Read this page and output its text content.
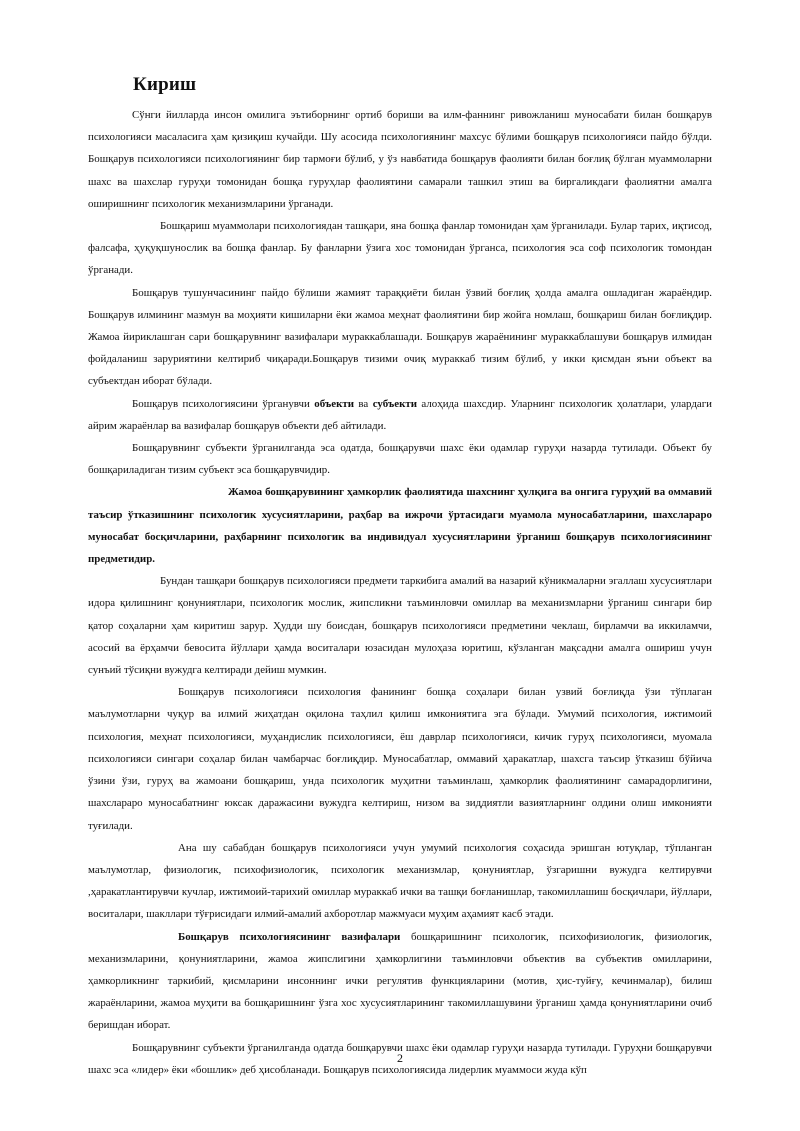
Кириш

Сўнги йилларда инсон омилига эътиборнинг ортиб бориши ва илм-фаннинг ривожланиш муносабати билан бошқарув психологияси масалаcига ҳам қизиқиш кучайди. Шу асосида психологиянинг махсус бўлими бошқарув психологияси пайдо бўлди. Бошқарув психологияси психологиянинг бир тармоғи бўлиб, у ўз навбатида бошқарув фаолияти билан боғлиқ бўлган муаммоларни шахс ва шахслар гуруҳи томонидан бошқа гуруҳлар фаолиятини самарали ташкил этиш ва биргаликдаги фаолиятни амалга оширишнинг психологик механизмларини ўрганади.

Бошқариш муаммолари психологиядан ташқари, яна бошқа фанлар томонидан ҳам ўрганилади. Булар тарих, иқтисод, фалсафа, ҳуқуқшунослик ва бошқа фанлар. Бу фанларни ўзига хос томонидан ўрганса, психология эса соф психологик томондан ўрганади.

Бошқарув тушунчасининг пайдо бўлиши жамият тараққиёти билан ўзвий боғлиқ ҳолда амалга ошладиган жараёндир. Бошқарув илмининг мазмун ва моҳияти кишиларни ёки жамоа меҳнат фаолиятини бир жойга номлаш, бошқариш билан боғлиқдир. Жамоа йириклашган сари бошқарувнинг вазифалари мураккаблашади. Бошқарув жараёнининг мураккаблашуви бошқарув илмидан фойдаланиш заруриятини келтириб чиқаради.Бошқарув тизими очиқ мураккаб тизим бўлиб, у икки қисмдан яъни объект ва субъектдан иборат бўлади.

Бошқарув психологиясини ўрганувчи объекти ва субъекти алоҳида шахсдир. Уларнинг психологик ҳолатлари, улардаги айрим жараёнлар ва вазифалар бошқарув объекти деб айтилади.

Бошқарувнинг субъекти ўрганилганда эса одатда, бошқарувчи шахс ёки одамлар гуруҳи назарда тутилади. Объект бу бошқариладиган тизим субъект эса бошқарувчидир.

Жамоа бошқарувининг ҳамкорлик фаолиятида шахснинг ҳулқига ва онгига гуруҳий ва оммавий таъсир ўтказишнинг психологик хусусиятларини, раҳбар ва ижрочи ўртасидаги муамола муносабатларини, шахслараро муносабат босқичларини, раҳбарнинг психологик ва индивидуал хусусиятларини ўрганиш бошқарув психологиясининг предметидир.

Бундан ташқари бошқарув психологияси предмети таркибига амалий ва назарий кўникмаларни эгаллаш хусусиятлари идора қилишнинг қонуниятлари, психологик мослик, жипсликни таъминловчи омиллар ва механизмларни ўрганиш сингари бир қатор соҳаларни ҳам киритиш зарур. Ҳудди шу боисдан, бошқарув психологияси предметини чеклаш, бирламчи ва иккиламчи, асосий ва ёрҳамчи бевосита йўллари ҳамда воситалари юзасидан мулоҳаза юритиш, кўзланган мақсадни амалга ошириш учун сунъий тўсиқни вужудга келтиради дейиш мумкин.

Бошқарув психологияси психология фанининг бошқа соҳалари билан узвий боғлиқда ўзи тўплаган маълумотларни чуқур ва илмий жиҳатдан оқилона таҳлил қилиш имкониятига эга бўлади. Умумий психология, ижтимоий психология, меҳнат психологияси, муҳандислик психологияси, ёш даврлар психологияси, кичик гуруҳ психологияси, муомала психологияси сингари соҳалар билан чамбарчас боғлиқдир. Муносабатлар, оммавий ҳаракатлар, шахсга таъсир ўтказиш бўйича ўзини ўзи, гуруҳ ва жамоани бошқариш, унда психологик муҳитни таъминлаш, ҳамкорлик фаолиятининг самарадорлигини, шахслараро муносабатнинг юксак даражасини вужудга келтириш, низом ва зиддиятли вазиятларнинг олдини олиш имконияти туғилади.

Ана шу сабабдан бошқарув психологияси учун умумий психология соҳасида эришган ютуқлар, тўпланган маълумотлар, физиологик, психофизиологик, психологик механизмлар, қонуниятлар, ўзгаришни вужудга келтирувчи ,ҳаракатлантирувчи кучлар, ижтимоий-тарихий омиллар мураккаб ички ва ташқи боғланишлар, такомиллашиш босқичлари, йўллари, воситалари, шакллари тўғрисидаги илмий-амалий ахборотлар мажмуаси муҳим аҳамият касб этади.

Бошқарув психологиясининг вазифалари бошқаришнинг психологик, психофизиологик, физиологик, механизмларини, қонуниятларини, жамоа жипслигини ҳамкорлигини таъминловчи объектив ва субъектив омилларини, ҳамкорликнинг таркибий, қисмларини инсоннинг ички регулятив функцияларини (мотив, ҳис-туйғу, кечинмалар), билиш жараёнларини, жамоа муҳити ва бошқаришнинг ўзга хос хусусиятларининг такомиллашувини ўрганиш ҳамда қонуниятларини очиб беришдан иборат.

Бошқарувнинг субъекти ўрганилганда одатда бошқарувчи шахс ёки одамлар гуруҳи назарда тутилади. Гуруҳни бошқарувчи шахс эса «лидер» ёки «бошлик» деб ҳисобланади. Бошқарув психологиясида лидерлик муаммоси жуда кўп

2
